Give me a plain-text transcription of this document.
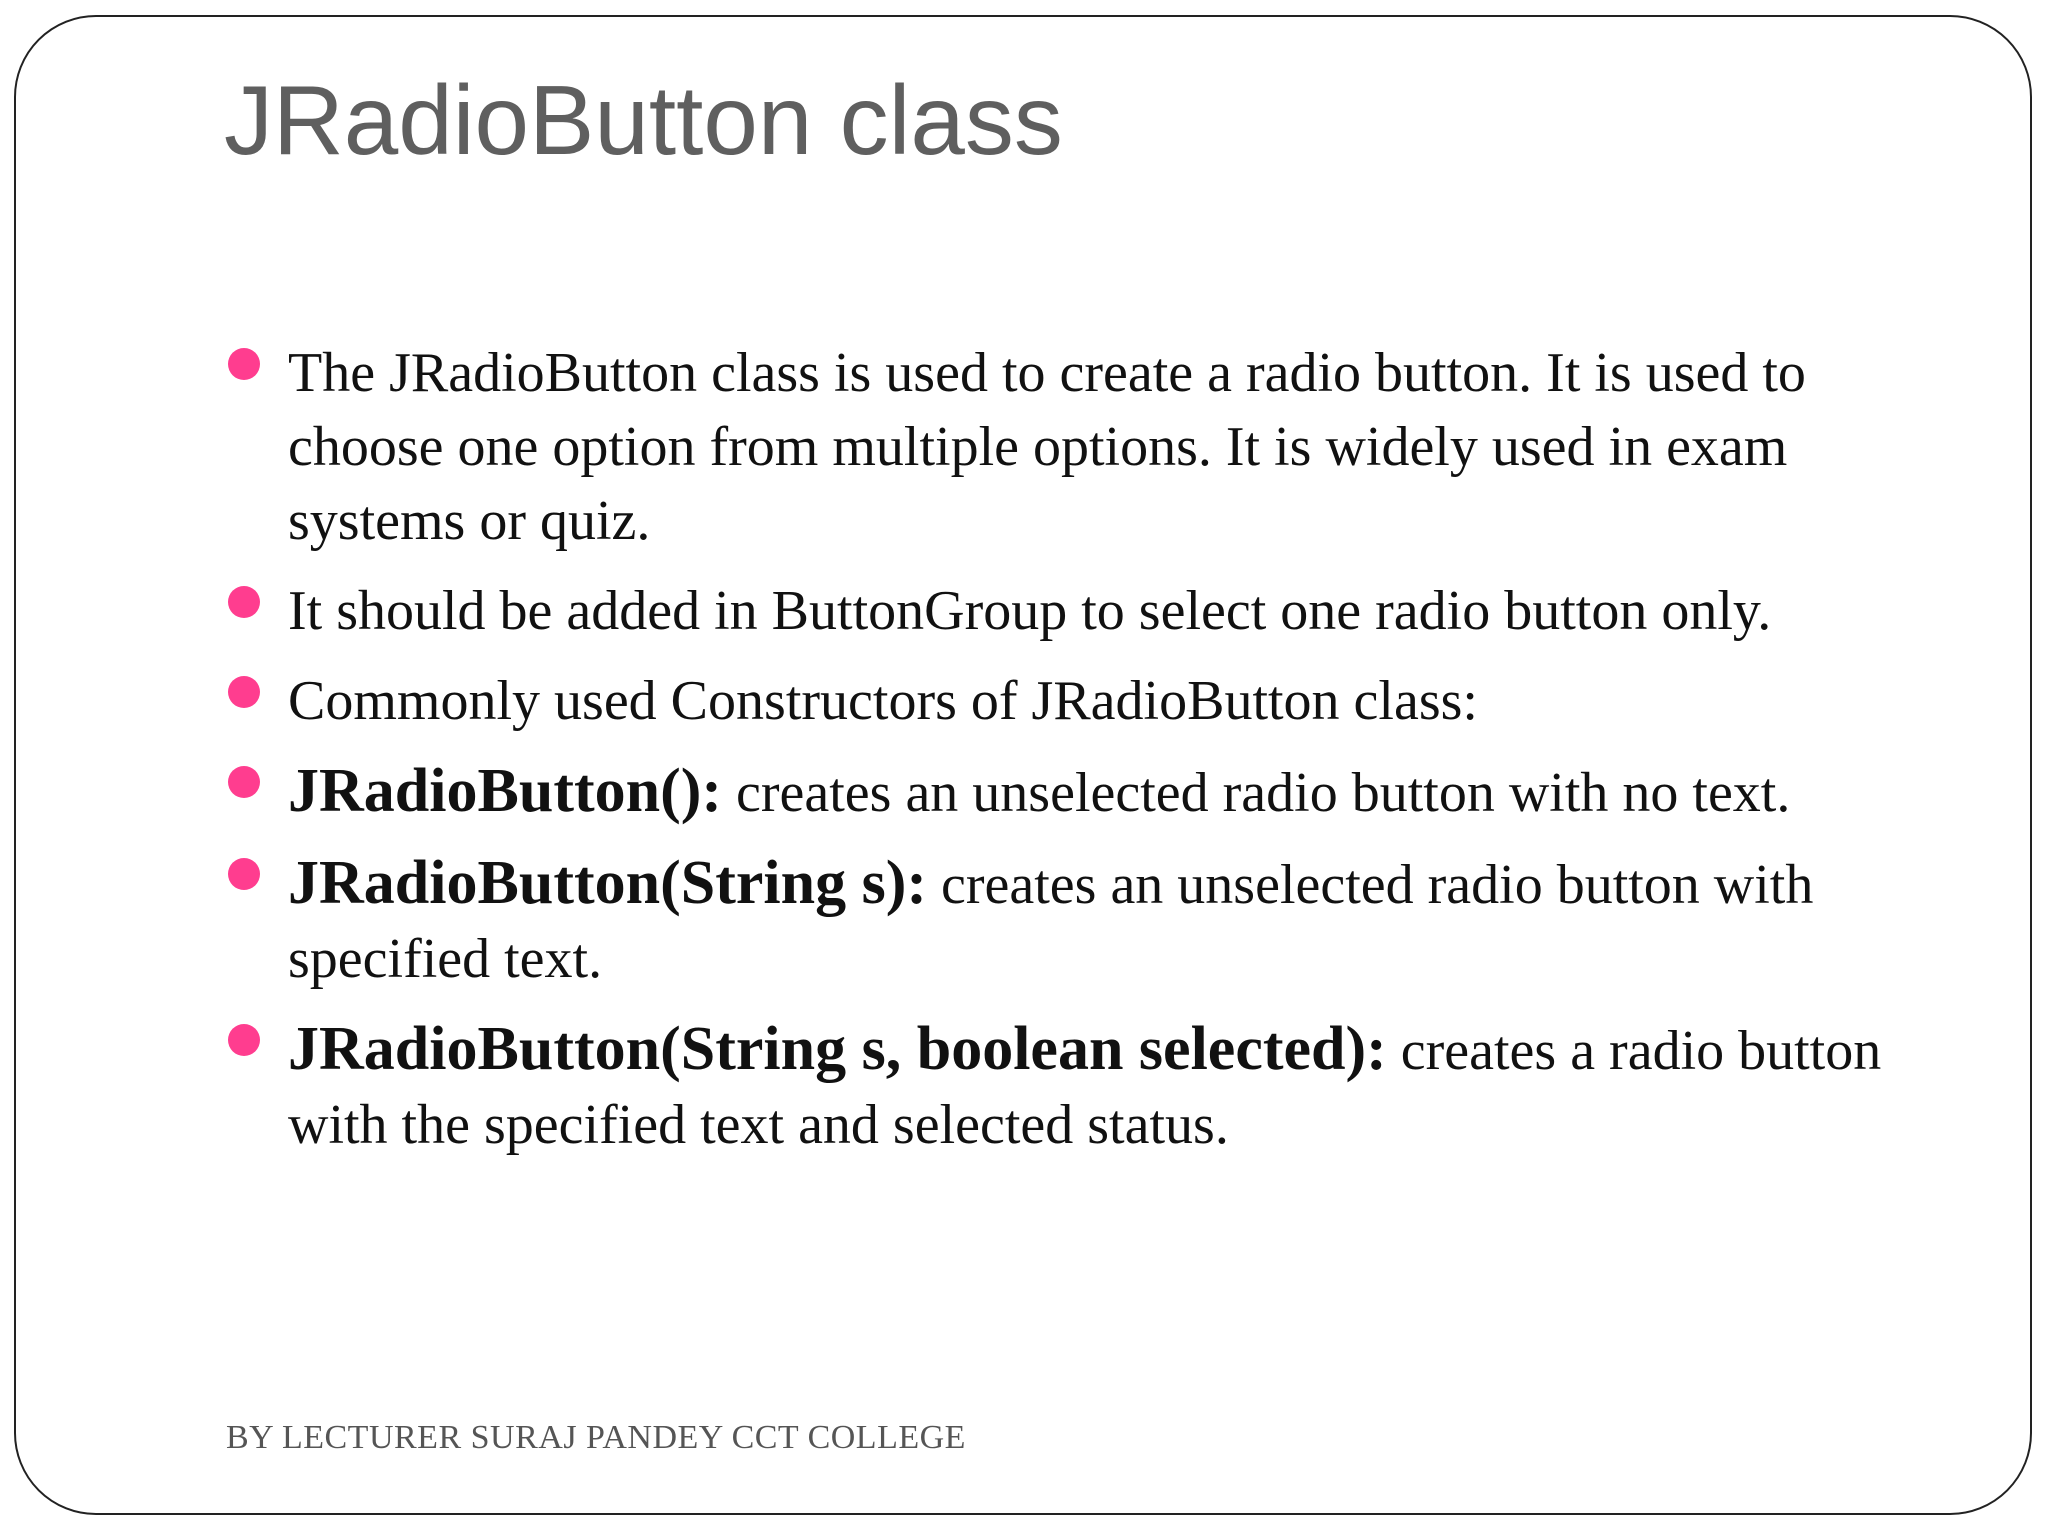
JRadioButton class
The JRadioButton class is used to create a radio button. It is used to choose one option from multiple options. It is widely used in exam systems or quiz.
It should be added in ButtonGroup to select one radio button only.
Commonly used Constructors of JRadioButton class:
JRadioButton(): creates an unselected radio button with no text.
JRadioButton(String s): creates an unselected radio button with specified text.
JRadioButton(String s, boolean selected): creates a radio button with the specified text and selected status.

BY LECTURER SURAJ PANDEY CCT COLLEGE
